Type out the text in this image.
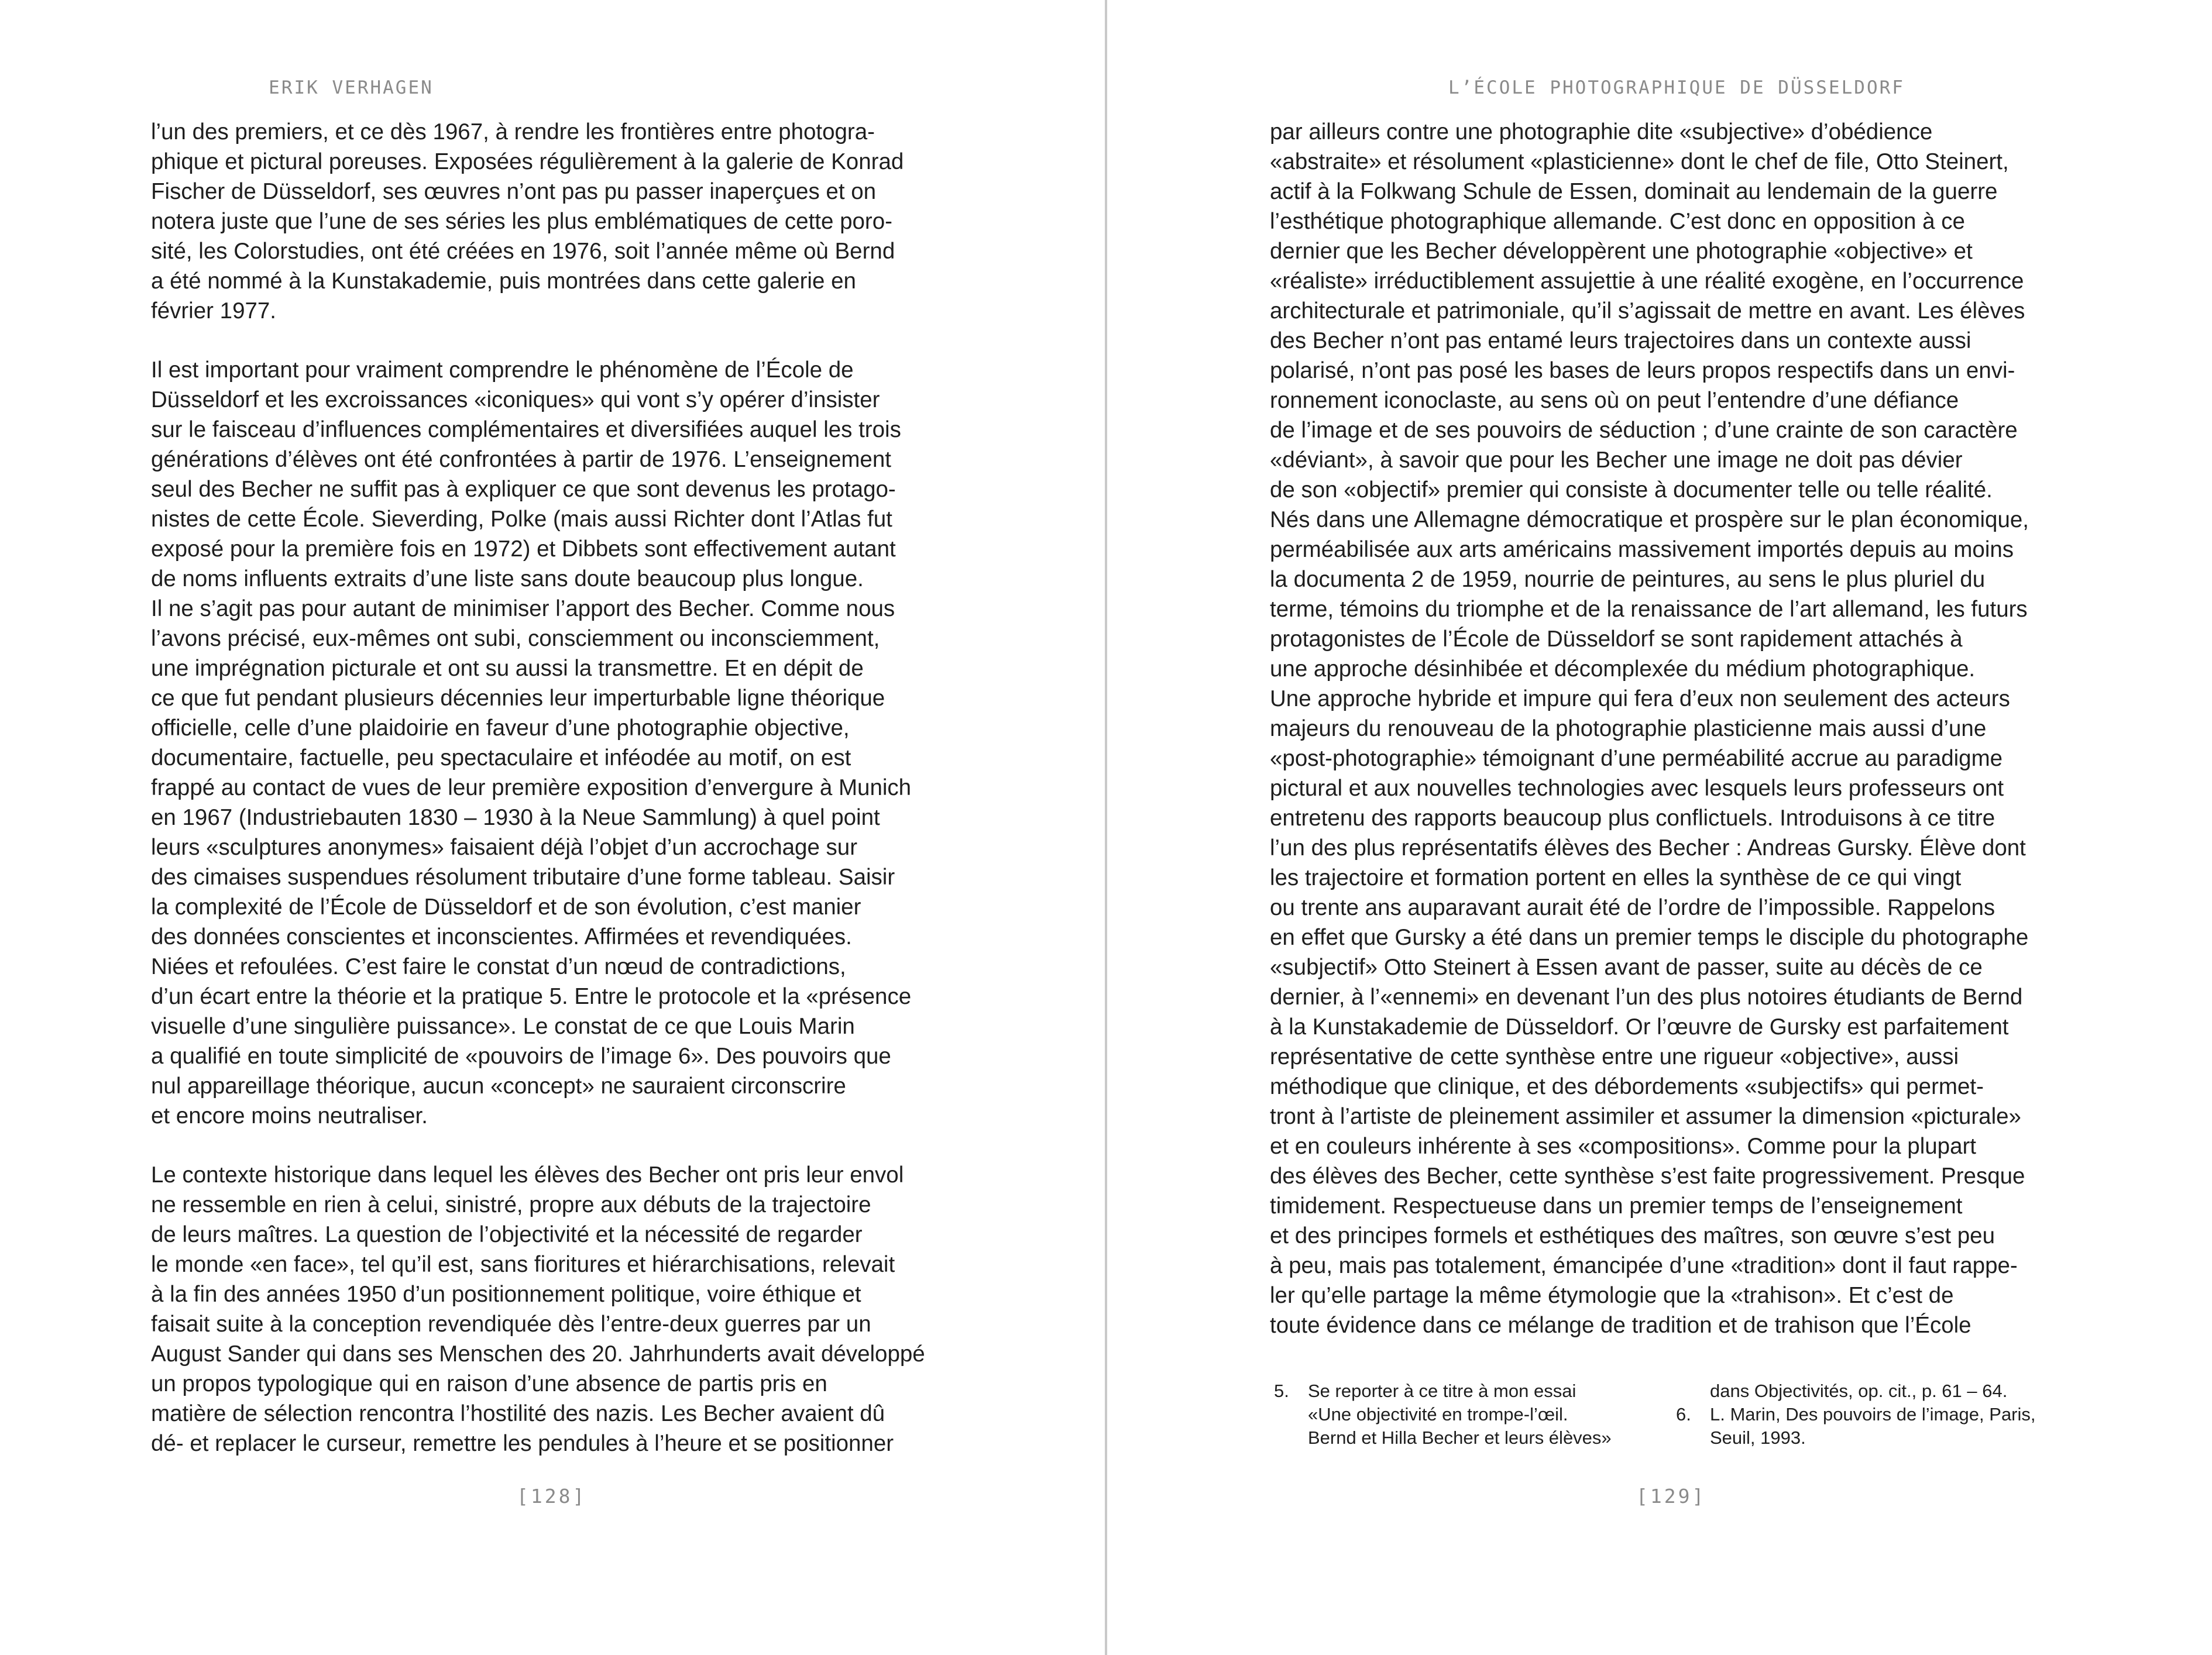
ERIK VERHAGEN
l’un des premiers, et ce dès 1967, à rendre les frontières entre photogra-
phique et pictural poreuses. Exposées régulièrement à la galerie de Konrad
Fischer de Düsseldorf, ses œuvres n’ont pas pu passer inaperçues et on
notera juste que l’une de ses séries les plus emblématiques de cette poro-
sité, les Colorstudies, ont été créées en 1976, soit l’année même où Bernd
a été nommé à la Kunstakademie, puis montrées dans cette galerie en
février 1977.
Il est important pour vraiment comprendre le phénomène de l’École de
Düsseldorf et les excroissances «iconiques» qui vont s’y opérer d’insister
sur le faisceau d’influences complémentaires et diversifiées auquel les trois
générations d’élèves ont été confrontées à partir de 1976. L’enseignement
seul des Becher ne suffit pas à expliquer ce que sont devenus les protago-
nistes de cette École. Sieverding, Polke (mais aussi Richter dont l’Atlas fut
exposé pour la première fois en 1972) et Dibbets sont effectivement autant
de noms influents extraits d’une liste sans doute beaucoup plus longue.
Il ne s’agit pas pour autant de minimiser l’apport des Becher. Comme nous
l’avons précisé, eux-mêmes ont subi, consciemment ou inconsciemment,
une imprégnation picturale et ont su aussi la transmettre. Et en dépit de
ce que fut pendant plusieurs décennies leur imperturbable ligne théorique
officielle, celle d’une plaidoirie en faveur d’une photographie objective,
documentaire, factuelle, peu spectaculaire et inféodée au motif, on est
frappé au contact de vues de leur première exposition d’envergure à Munich
en 1967 (Industriebauten 1830 – 1930 à la Neue Sammlung) à quel point
leurs «sculptures anonymes» faisaient déjà l’objet d’un accrochage sur
des cimaises suspendues résolument tributaire d’une forme tableau. Saisir
la complexité de l’École de Düsseldorf et de son évolution, c’est manier
des données conscientes et inconscientes. Affirmées et revendiquées.
Niées et refoulées. C’est faire le constat d’un nœud de contradictions,
d’un écart entre la théorie et la pratique 5. Entre le protocole et la «présence
visuelle d’une singulière puissance». Le constat de ce que Louis Marin
a qualifié en toute simplicité de «pouvoirs de l’image 6». Des pouvoirs que
nul appareillage théorique, aucun «concept» ne sauraient circonscrire
et encore moins neutraliser.
Le contexte historique dans lequel les élèves des Becher ont pris leur envol
ne ressemble en rien à celui, sinistré, propre aux débuts de la trajectoire
de leurs maîtres. La question de l’objectivité et la nécessité de regarder
le monde «en face», tel qu’il est, sans fioritures et hiérarchisations, relevait
à la fin des années 1950 d’un positionnement politique, voire éthique et
faisait suite à la conception revendiquée dès l’entre-deux guerres par un
August Sander qui dans ses Menschen des 20. Jahrhunderts avait développé
un propos typologique qui en raison d’une absence de partis pris en
matière de sélection rencontra l’hostilité des nazis. Les Becher avaient dû
dé- et replacer le curseur, remettre les pendules à l’heure et se positionner
[128]
L’ÉCOLE PHOTOGRAPHIQUE DE DÜSSELDORF
par ailleurs contre une photographie dite «subjective» d’obédience
«abstraite» et résolument «plasticienne» dont le chef de file, Otto Steinert,
actif à la Folkwang Schule de Essen, dominait au lendemain de la guerre
l’esthétique photographique allemande. C’est donc en opposition à ce
dernier que les Becher développèrent une photographie «objective» et
«réaliste» irréductiblement assujettie à une réalité exogène, en l’occurrence
architecturale et patrimoniale, qu’il s’agissait de mettre en avant. Les élèves
des Becher n’ont pas entamé leurs trajectoires dans un contexte aussi
polarisé, n’ont pas posé les bases de leurs propos respectifs dans un envi-
ronnement iconoclaste, au sens où on peut l’entendre d’une défiance
de l’image et de ses pouvoirs de séduction ; d’une crainte de son caractère
«déviant», à savoir que pour les Becher une image ne doit pas dévier
de son «objectif» premier qui consiste à documenter telle ou telle réalité.
Nés dans une Allemagne démocratique et prospère sur le plan économique,
perméabilisée aux arts américains massivement importés depuis au moins
la documenta 2 de 1959, nourrie de peintures, au sens le plus pluriel du
terme, témoins du triomphe et de la renaissance de l’art allemand, les futurs
protagonistes de l’École de Düsseldorf se sont rapidement attachés à
une approche désinhibée et décomplexée du médium photographique.
Une approche hybride et impure qui fera d’eux non seulement des acteurs
majeurs du renouveau de la photographie plasticienne mais aussi d’une
«post-photographie» témoignant d’une perméabilité accrue au paradigme
pictural et aux nouvelles technologies avec lesquels leurs professeurs ont
entretenu des rapports beaucoup plus conflictuels. Introduisons à ce titre
l’un des plus représentatifs élèves des Becher : Andreas Gursky. Élève dont
les trajectoire et formation portent en elles la synthèse de ce qui vingt
ou trente ans auparavant aurait été de l’ordre de l’impossible. Rappelons
en effet que Gursky a été dans un premier temps le disciple du photographe
«subjectif» Otto Steinert à Essen avant de passer, suite au décès de ce
dernier, à l’«ennemi» en devenant l’un des plus notoires étudiants de Bernd
à la Kunstakademie de Düsseldorf. Or l’œuvre de Gursky est parfaitement
représentative de cette synthèse entre une rigueur «objective», aussi
méthodique que clinique, et des débordements «subjectifs» qui permet-
tront à l’artiste de pleinement assimiler et assumer la dimension «picturale»
et en couleurs inhérente à ses «compositions». Comme pour la plupart
des élèves des Becher, cette synthèse s’est faite progressivement. Presque
timidement. Respectueuse dans un premier temps de l’enseignement
et des principes formels et esthétiques des maîtres, son œuvre s’est peu
à peu, mais pas totalement, émancipée d’une «tradition» dont il faut rappe-
ler qu’elle partage la même étymologie que la «trahison». Et c’est de
toute évidence dans ce mélange de tradition et de trahison que l’École
5. Se reporter à ce titre à mon essai
«Une objectivité en trompe-l’œil.
Bernd et Hilla Becher et leurs élèves»
dans Objectivités, op. cit., p. 61 – 64.
6. L. Marin, Des pouvoirs de l’image, Paris,
Seuil, 1993.
[129]
